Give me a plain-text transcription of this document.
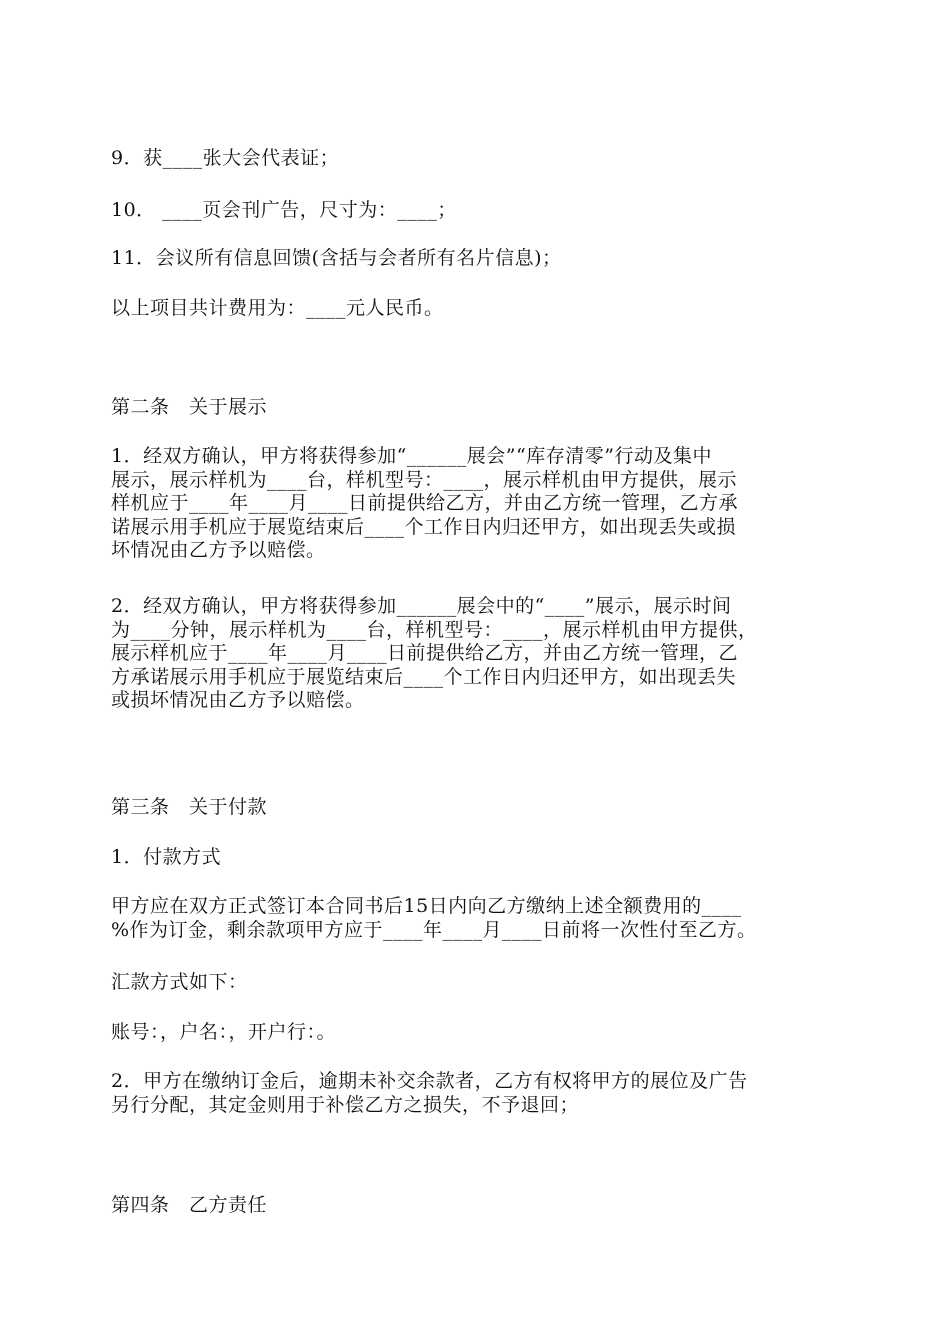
9．获____张大会代表证；
10． ____页会刊广告，尺寸为：____；
11．会议所有信息回馈(含括与会者所有名片信息)；
以上项目共计费用为：____元人民币。
第二条　关于展示
1．经双方确认，甲方将获得参加“______展会”“库存清零”行动及集中
展示，展示样机为____台，样机型号：____，展示样机由甲方提供，展示
样机应于____年____月____日前提供给乙方，并由乙方统一管理，乙方承
诺展示用手机应于展览结束后____个工作日内归还甲方，如出现丢失或损
坏情况由乙方予以赔偿。
2．经双方确认，甲方将获得参加______展会中的“____”展示，展示时间
为____分钟，展示样机为____台，样机型号：____，展示样机由甲方提供，
展示样机应于____年____月____日前提供给乙方，并由乙方统一管理，乙
方承诺展示用手机应于展览结束后____个工作日内归还甲方，如出现丢失
或损坏情况由乙方予以赔偿。
第三条　关于付款
1．付款方式
甲方应在双方正式签订本合同书后15日内向乙方缴纳上述全额费用的____
%作为订金，剩余款项甲方应于____年____月____日前将一次性付至乙方。
汇款方式如下：
账号：，户名：，开户行：。
2．甲方在缴纳订金后，逾期未补交余款者，乙方有权将甲方的展位及广告
另行分配，其定金则用于补偿乙方之损失，不予退回；
第四条　乙方责任
